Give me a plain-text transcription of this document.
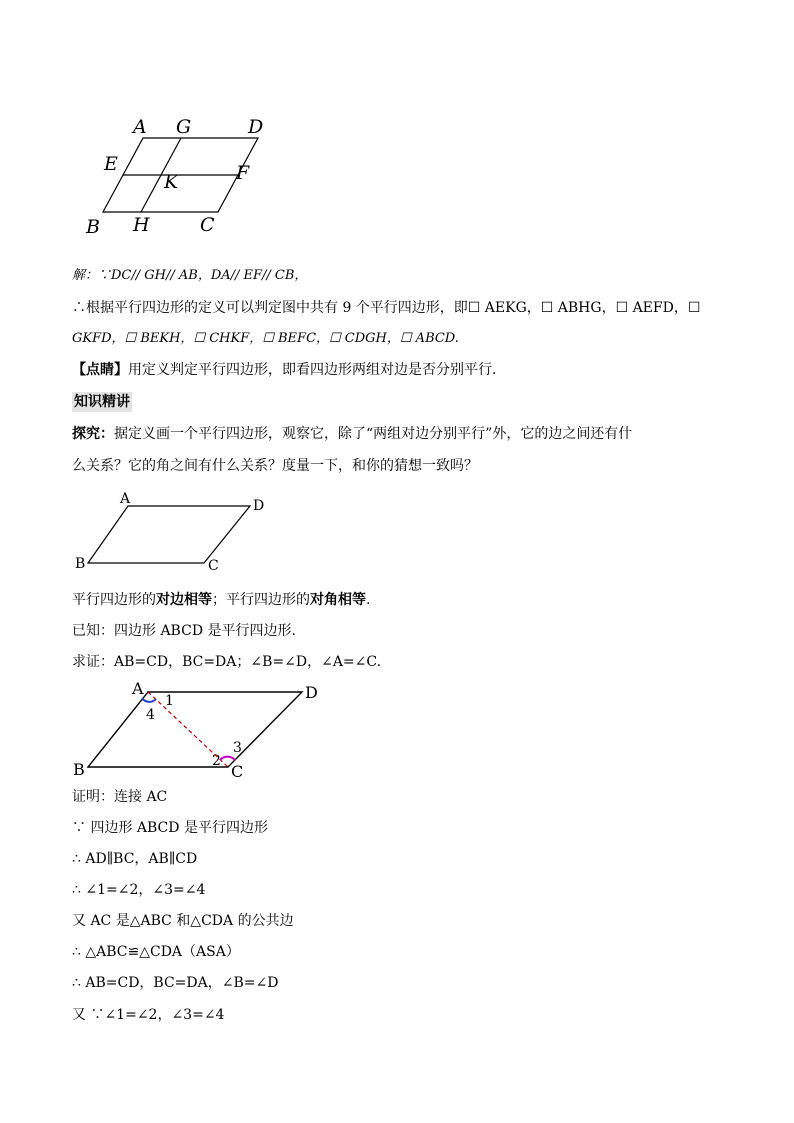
A G	D
E	F
K
B H	C
解：∵DC// GH// AB，DA// EF// CB，
∴根据平行四边形的定义可以判定图中共有 9 个平行四边形，即☐ AEKG，☐ ABHG，☐ AEFD，☐
GKFD，☐ BEKH，☐ CHKF，☐ BEFC，☐ CDGH，☐ ABCD.
【点睛】用定义判定平行四边形，即看四边形两组对边是否分别平行.
知识精讲
探究：据定义画一个平行四边形，观察它，除了“两组对边分别平行”外，它的边之间还有什
么关系？它的角之间有什么关系？度量一下，和你的猜想一致吗？
A	D
B	C
平行四边形的对边相等；平行四边形的对角相等.
已知：四边形 ABCD 是平行四边形.
求证：AB=CD，BC=DA；∠B=∠D，∠A=∠C.
A	D
B	C
1
4
3
2
证明：连接 AC
∵ 四边形 ABCD 是平行四边形
∴ AD∥BC，AB∥CD
∴ ∠1=∠2，∠3=∠4
又 AC 是△ABC 和△CDA 的公共边
∴ △ABC≌△CDA（ASA）
∴ AB=CD，BC=DA，∠B=∠D
又 ∵∠1=∠2，∠3=∠4
